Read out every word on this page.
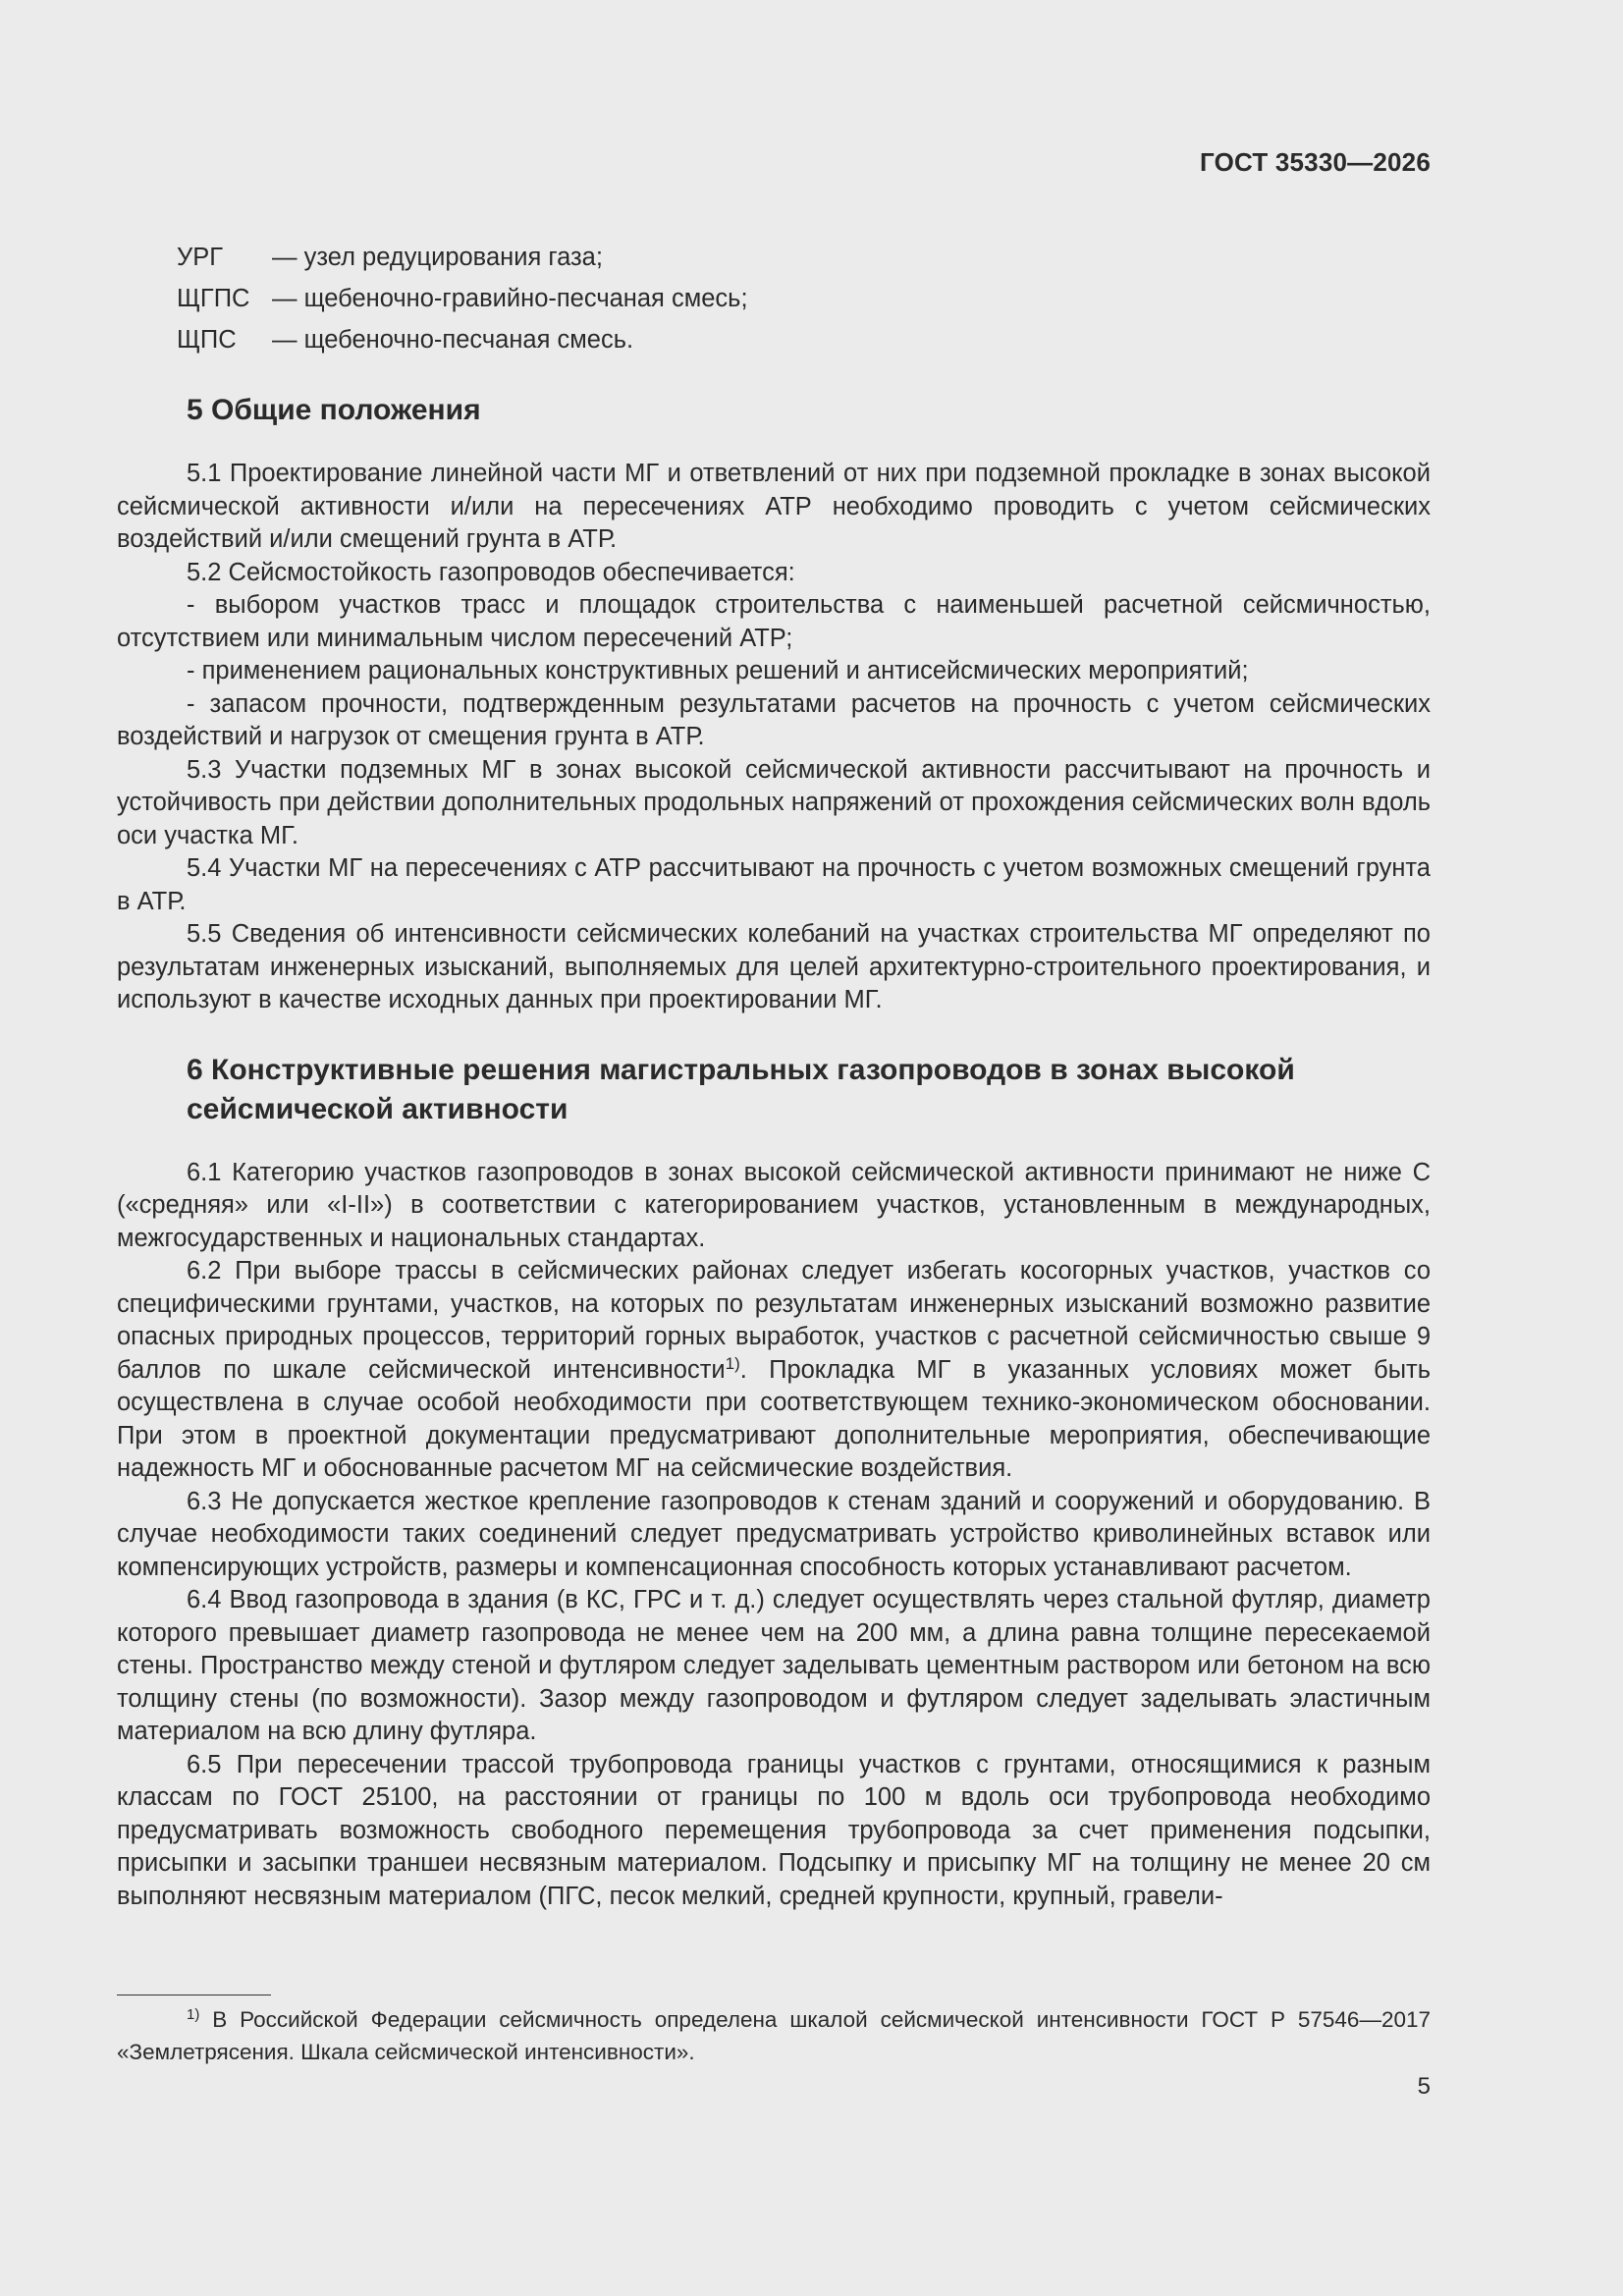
ГОСТ 35330—2026
УРГ	— узел редуцирования газа;
ЩГПС — щебеночно-гравийно-песчаная смесь;
ЩПС	— щебеночно-песчаная смесь.
5 Общие положения

5.1 Проектирование линейной части МГ и ответвлений от них при подземной прокладке в зонах высокой сейсмической активности и/или на пересечениях АТР необходимо проводить с учетом сейсмических воздействий и/или смещений грунта в АТР.

5.2 Сейсмостойкость газопроводов обеспечивается:

- выбором участков трасс и площадок строительства с наименьшей расчетной сейсмичностью, отсутствием или минимальным числом пересечений АТР;

- применением рациональных конструктивных решений и антисейсмических мероприятий;

- запасом прочности, подтвержденным результатами расчетов на прочность с учетом сейсмических воздействий и нагрузок от смещения грунта в АТР.

5.3 Участки подземных МГ в зонах высокой сейсмической активности рассчитывают на прочность и устойчивость при действии дополнительных продольных напряжений от прохождения сейсмических волн вдоль оси участка МГ.

5.4 Участки МГ на пересечениях с АТР рассчитывают на прочность с учетом возможных смещений грунта в АТР.

5.5 Сведения об интенсивности сейсмических колебаний на участках строительства МГ определяют по результатам инженерных изысканий, выполняемых для целей архитектурно-строительного проектирования, и используют в качестве исходных данных при проектировании МГ.

6 Конструктивные решения магистральных газопроводов в зонах высокой
сейсмической активности

6.1 Категорию участков газопроводов в зонах высокой сейсмической активности принимают не ниже С («средняя» или «I-II») в соответствии с категорированием участков, установленным в международных, межгосударственных и национальных стандартах.

6.2 При выборе трассы в сейсмических районах следует избегать косогорных участков, участков со специфическими грунтами, участков, на которых по результатам инженерных изысканий возможно развитие опасных природных процессов, территорий горных выработок, участков с расчетной сейсмичностью свыше 9 баллов по шкале сейсмической интенсивности$^{1)}$. Прокладка МГ в указанных условиях может быть осуществлена в случае особой необходимости при соответствующем технико-экономическом обосновании. При этом в проектной документации предусматривают дополнительные мероприятия, обеспечивающие надежность МГ и обоснованные расчетом МГ на сейсмические воздействия.

6.3 Не допускается жесткое крепление газопроводов к стенам зданий и сооружений и оборудованию. В случае необходимости таких соединений следует предусматривать устройство криволинейных вставок или компенсирующих устройств, размеры и компенсационная способность которых устанавливают расчетом.

6.4 Ввод газопровода в здания (в КС, ГРС и т. д.) следует осуществлять через стальной футляр, диаметр которого превышает диаметр газопровода не менее чем на 200 мм, а длина равна толщине пересекаемой стены. Пространство между стеной и футляром следует заделывать цементным раствором или бетоном на всю толщину стены (по возможности). Зазор между газопроводом и футляром следует заделывать эластичным материалом на всю длину футляра.

6.5 При пересечении трассой трубопровода границы участков с грунтами, относящимися к разным классам по ГОСТ 25100, на расстоянии от границы по 100 м вдоль оси трубопровода необходимо предусматривать возможность свободного перемещения трубопровода за счет применения подсыпки, присыпки и засыпки траншеи несвязным материалом. Подсыпку и присыпку МГ на толщину не менее 20 см выполняют несвязным материалом (ПГС, песок мелкий, средней крупности, крупный, гравели-

$^{1)}$ В Российской Федерации сейсмичность определена шкалой сейсмической интенсивности ГОСТ Р 57546—2017 «Землетрясения. Шкала сейсмической интенсивности».
5
